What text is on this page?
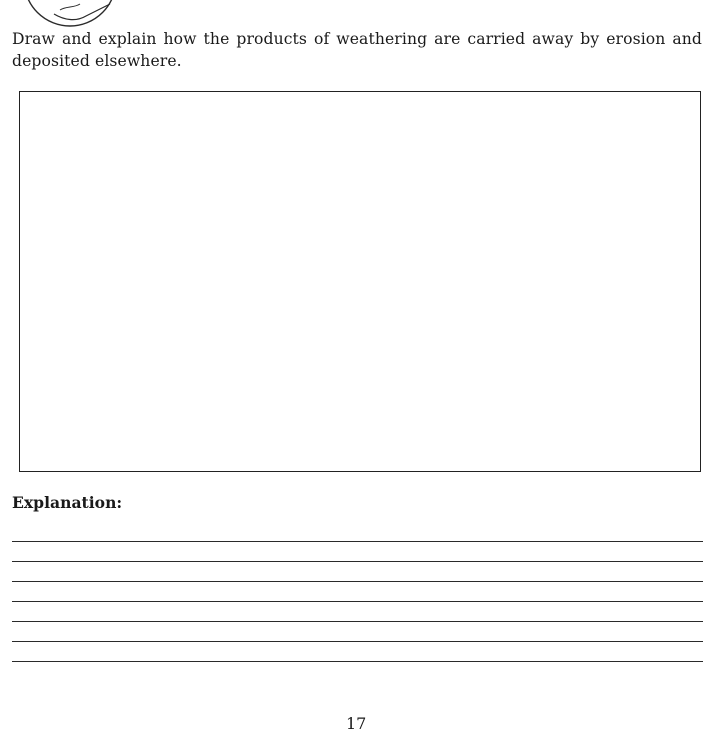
Draw and explain how the products of weathering are carried away by erosion and deposited elsewhere.

Explanation:

17
